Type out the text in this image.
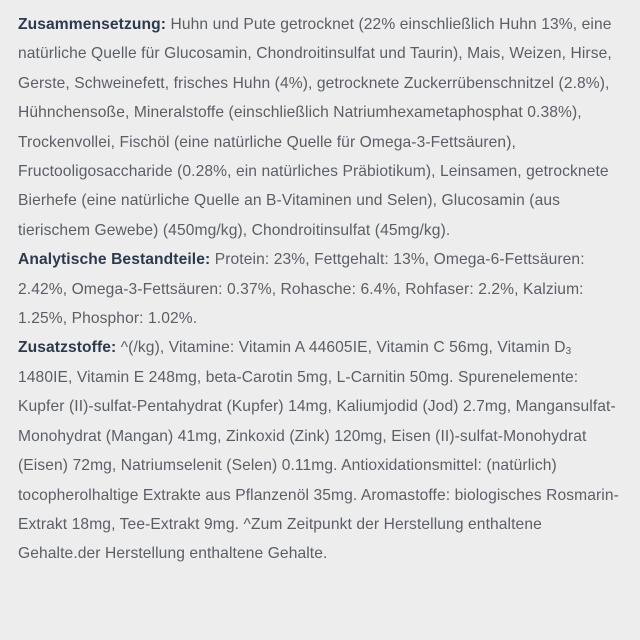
Zusammensetzung: Huhn und Pute getrocknet (22% einschließlich Huhn 13%, eine natürliche Quelle für Glucosamin, Chondroitinsulfat und Taurin), Mais, Weizen, Hirse, Gerste, Schweinefett, frisches Huhn (4%), getrocknete Zuckerrübenschnitzel (2.8%), Hühnchensoße, Mineralstoffe (einschließlich Natriumhexametaphosphat 0.38%), Trockenvollei, Fischöl (eine natürliche Quelle für Omega-3-Fettsäuren), Fructooligosaccharide (0.28%, ein natürliches Präbiotikum), Leinsamen, getrocknete Bierhefe (eine natürliche Quelle an B-Vitaminen und Selen), Glucosamin (aus tierischem Gewebe) (450mg/kg), Chondroitinsulfat (45mg/kg).

Analytische Bestandteile: Protein: 23%, Fettgehalt: 13%, Omega-6-Fettsäuren: 2.42%, Omega-3-Fettsäuren: 0.37%, Rohasche: 6.4%, Rohfaser: 2.2%, Kalzium: 1.25%, Phosphor: 1.02%.

Zusatzstoffe: ^(/kg), Vitamine: Vitamin A 44605IE, Vitamin C 56mg, Vitamin $D_3$ 1480IE, Vitamin E 248mg, beta-Carotin 5mg, L-Carnitin 50mg. Spurenelemente: Kupfer (II)-sulfat-Pentahydrat (Kupfer) 14mg, Kaliumjodid (Jod) 2.7mg, Mangansulfat-Monohydrat (Mangan) 41mg, Zinkoxid (Zink) 120mg, Eisen (II)-sulfat-Monohydrat (Eisen) 72mg, Natriumselenit (Selen) 0.11mg. Antioxidationsmittel: (natürlich) tocopherolhaltige Extrakte aus Pflanzenöl 35mg. Aromastoffe: biologisches Rosmarin-Extrakt 18mg, Tee-Extrakt 9mg. ^Zum Zeitpunkt der Herstellung enthaltene Gehalte.der Herstellung enthaltene Gehalte.
